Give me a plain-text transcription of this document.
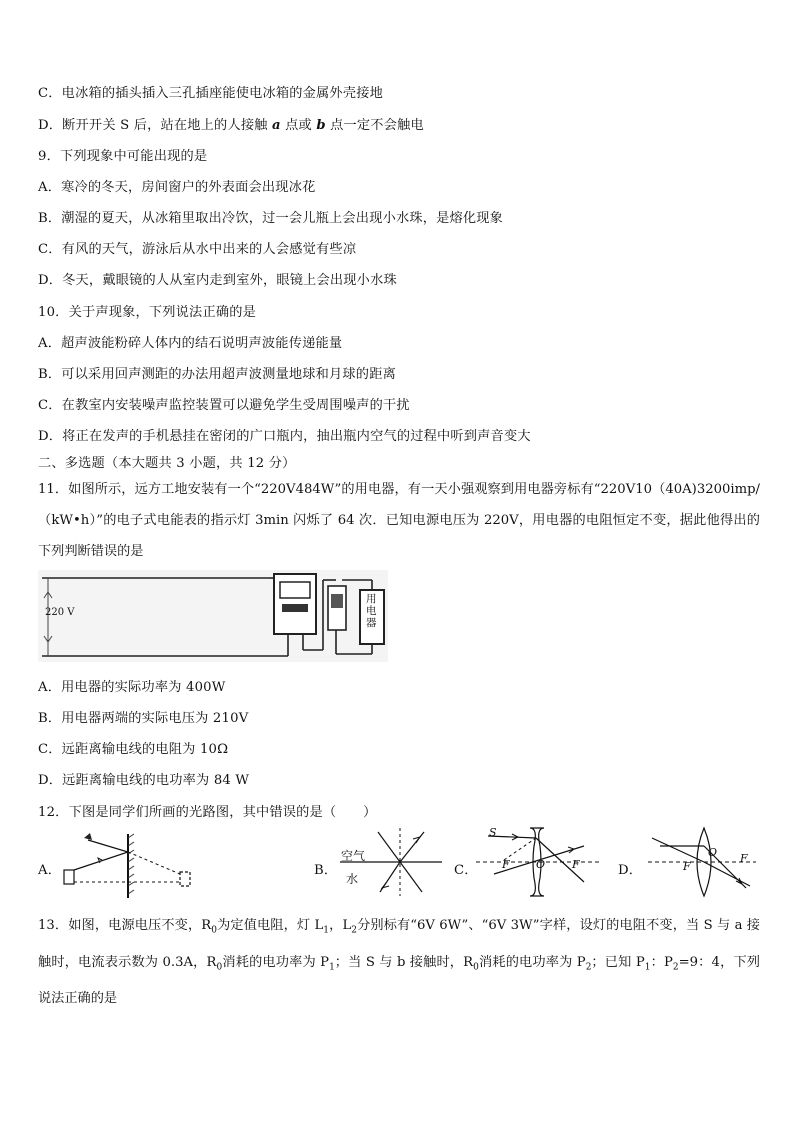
C．电冰箱的插头插入三孔插座能使电冰箱的金属外壳接地
D．断开开关 S 后，站在地上的人接触 a 点或 b 点一定不会触电
9．下列现象中可能出现的是
A．寒冷的冬天，房间窗户的外表面会出现冰花
B．潮湿的夏天，从冰箱里取出冷饮，过一会儿瓶上会出现小水珠，是熔化现象
C．有风的天气，游泳后从水中出来的人会感觉有些凉
D．冬天，戴眼镜的人从室内走到室外，眼镜上会出现小水珠
10．关于声现象，下列说法正确的是
A．超声波能粉碎人体内的结石说明声波能传递能量
B．可以采用回声测距的办法用超声波测量地球和月球的距离
C．在教室内安装噪声监控装置可以避免学生受周围噪声的干扰
D．将正在发声的手机悬挂在密闭的广口瓶内，抽出瓶内空气的过程中听到声音变大
二、多选题（本大题共 3 小题，共 12 分）
11．如图所示，远方工地安装有一个“220V484W”的用电器，有一天小强观察到用电器旁标有“220V10（40A)3200imp/（kW•h）”的电子式电能表的指示灯 3min 闪烁了 64 次．已知电源电压为 220V，用电器的电阻恒定不变，据此他得出的下列判断错误的是
220 V
用
电
器
A．用电器的实际功率为 400W
B．用电器两端的实际电压为 210V
C．远距离输电线的电阻为 10Ω
D．远距离输电线的电功率为 84 W
12．下图是同学们所画的光路图，其中错误的是（　　）
A．	B．
空气
水
C．
S
F O F	D．	F
O F
13．如图，电源电压不变，$R_0$为定值电阻，灯 $L_1$，$L_2$分别标有“6V 6W”、“6V 3W”字样，设灯的电阻不变，当 S 与 a 接触时，电流表示数为 0.3A，$R_0$消耗的电功率为 $P_1$；当 S 与 b 接触时，$R_0$消耗的电功率为 $P_2$；已知 $P_1$：$P_2=9$：4，下列说法正确的是
